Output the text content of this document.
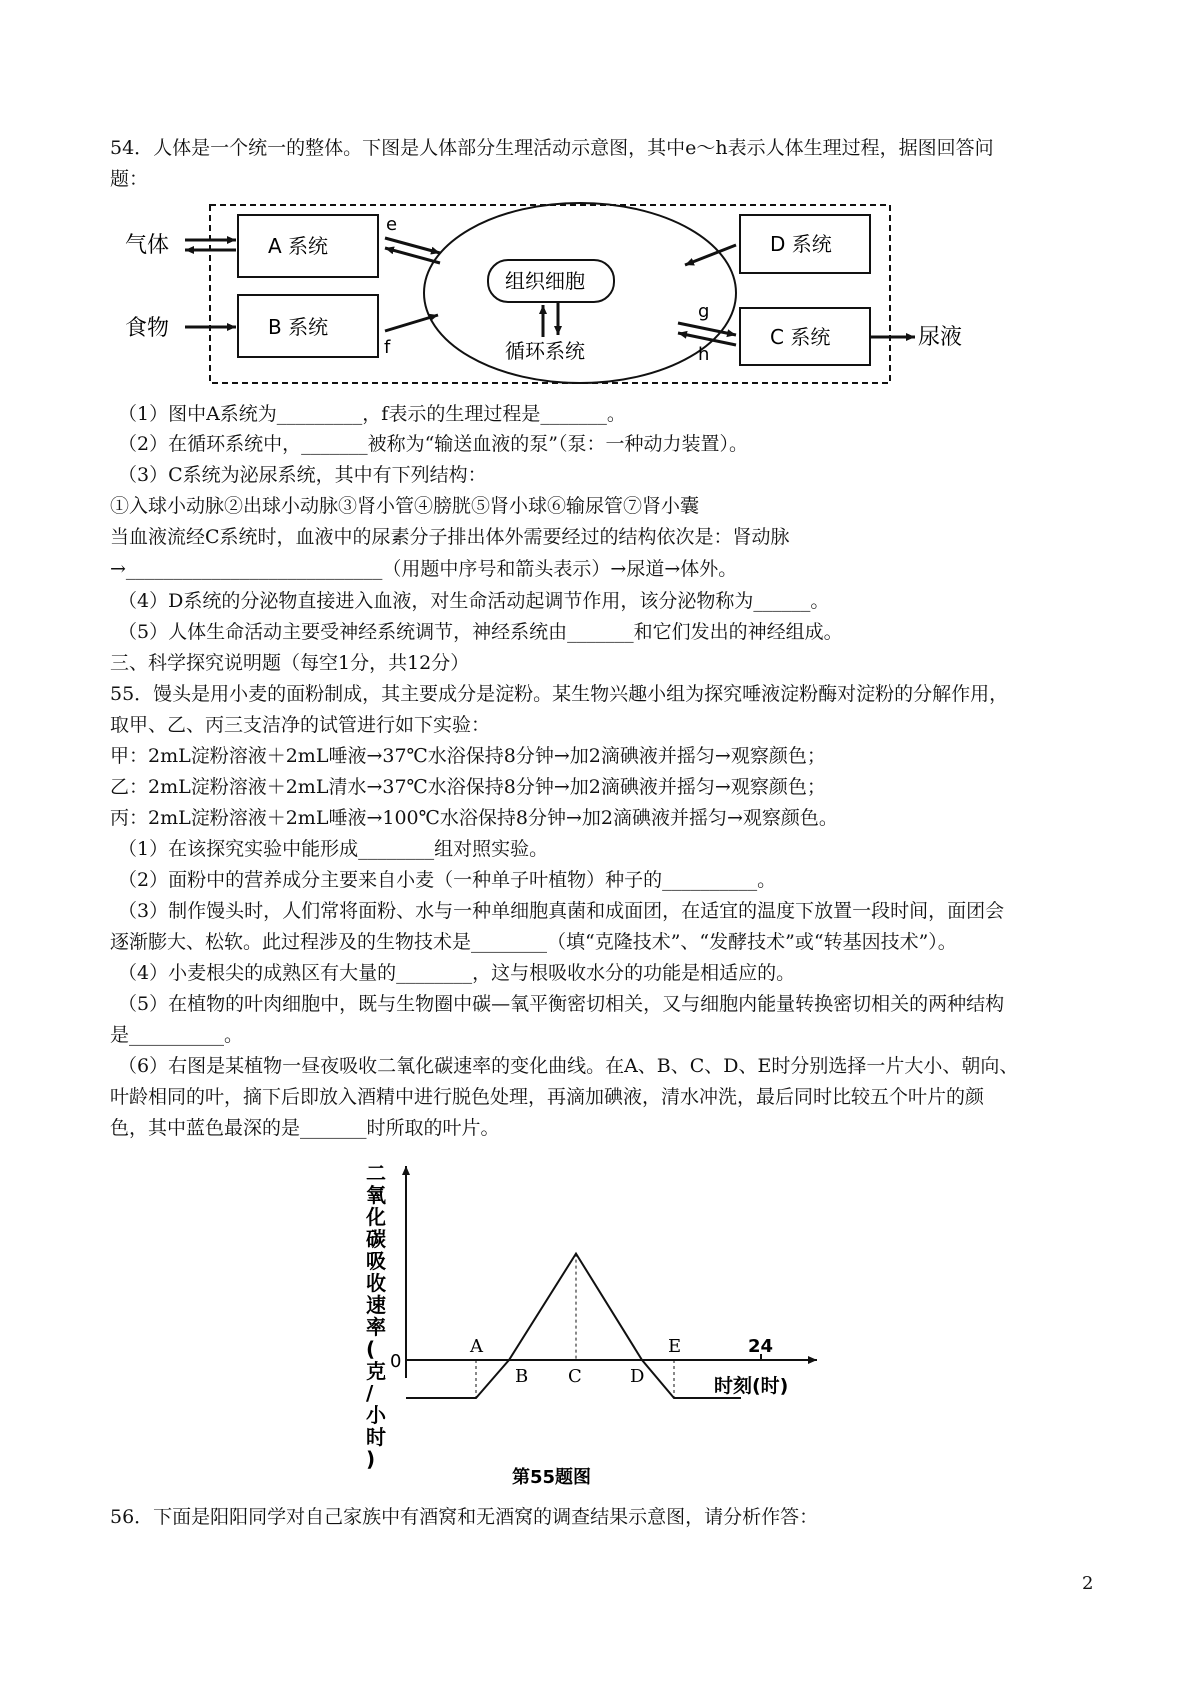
54．人体是一个统一的整体。下图是人体部分生理活动示意图，其中e～h表示人体生理过程，据图回答问
题：
气体
食物	尿液
A 系统
B 系统
D 系统
C 系统
组织细胞
循环系统
e
f
g
h
（1）图中A系统为_________，f表示的生理过程是_______。
（2）在循环系统中，_______被称为“输送血液的泵”（泵：一种动力装置）。
（3）C系统为泌尿系统，其中有下列结构：
①入球小动脉②出球小动脉③肾小管④膀胱⑤肾小球⑥输尿管⑦肾小囊
当血液流经C系统时，血液中的尿素分子排出体外需要经过的结构依次是：肾动脉
→___________________________（用题中序号和箭头表示）→尿道→体外。
（4）D系统的分泌物直接进入血液，对生命活动起调节作用，该分泌物称为______。
（5）人体生命活动主要受神经系统调节，神经系统由_______和它们发出的神经组成。
三、科学探究说明题（每空1分，共12分）
55．馒头是用小麦的面粉制成，其主要成分是淀粉。某生物兴趣小组为探究唾液淀粉酶对淀粉的分解作用，
取甲、乙、丙三支洁净的试管进行如下实验：
甲：2mL淀粉溶液＋2mL唾液→37℃水浴保持8分钟→加2滴碘液并摇匀→观察颜色；
乙：2mL淀粉溶液＋2mL清水→37℃水浴保持8分钟→加2滴碘液并摇匀→观察颜色；
丙：2mL淀粉溶液＋2mL唾液→100℃水浴保持8分钟→加2滴碘液并摇匀→观察颜色。
（1）在该探究实验中能形成________组对照实验。
（2）面粉中的营养成分主要来自小麦（一种单子叶植物）种子的__________。
（3）制作馒头时，人们常将面粉、水与一种单细胞真菌和成面团，在适宜的温度下放置一段时间，面团会
逐渐膨大、松软。此过程涉及的生物技术是________（填“克隆技术”、“发酵技术”或“转基因技术”）。
（4）小麦根尖的成熟区有大量的________，这与根吸收水分的功能是相适应的。
（5）在植物的叶肉细胞中，既与生物圈中碳—氧平衡密切相关，又与细胞内能量转换密切相关的两种结构
是__________。
（6）右图是某植物一昼夜吸收二氧化碳速率的变化曲线。在A、B、C、D、E时分别选择一片大小、朝向、
叶龄相同的叶，摘下后即放入酒精中进行脱色处理，再滴加碘液，清水冲洗，最后同时比较五个叶片的颜
色，其中蓝色最深的是_______时所取的叶片。
二
氧
化
碳
吸
收
速
率
(
克
/
小
时
)
0
24
时刻(时)
A
B C	D
E
第55题图
56．下面是阳阳同学对自己家族中有酒窝和无酒窝的调查结果示意图，请分析作答：
2
